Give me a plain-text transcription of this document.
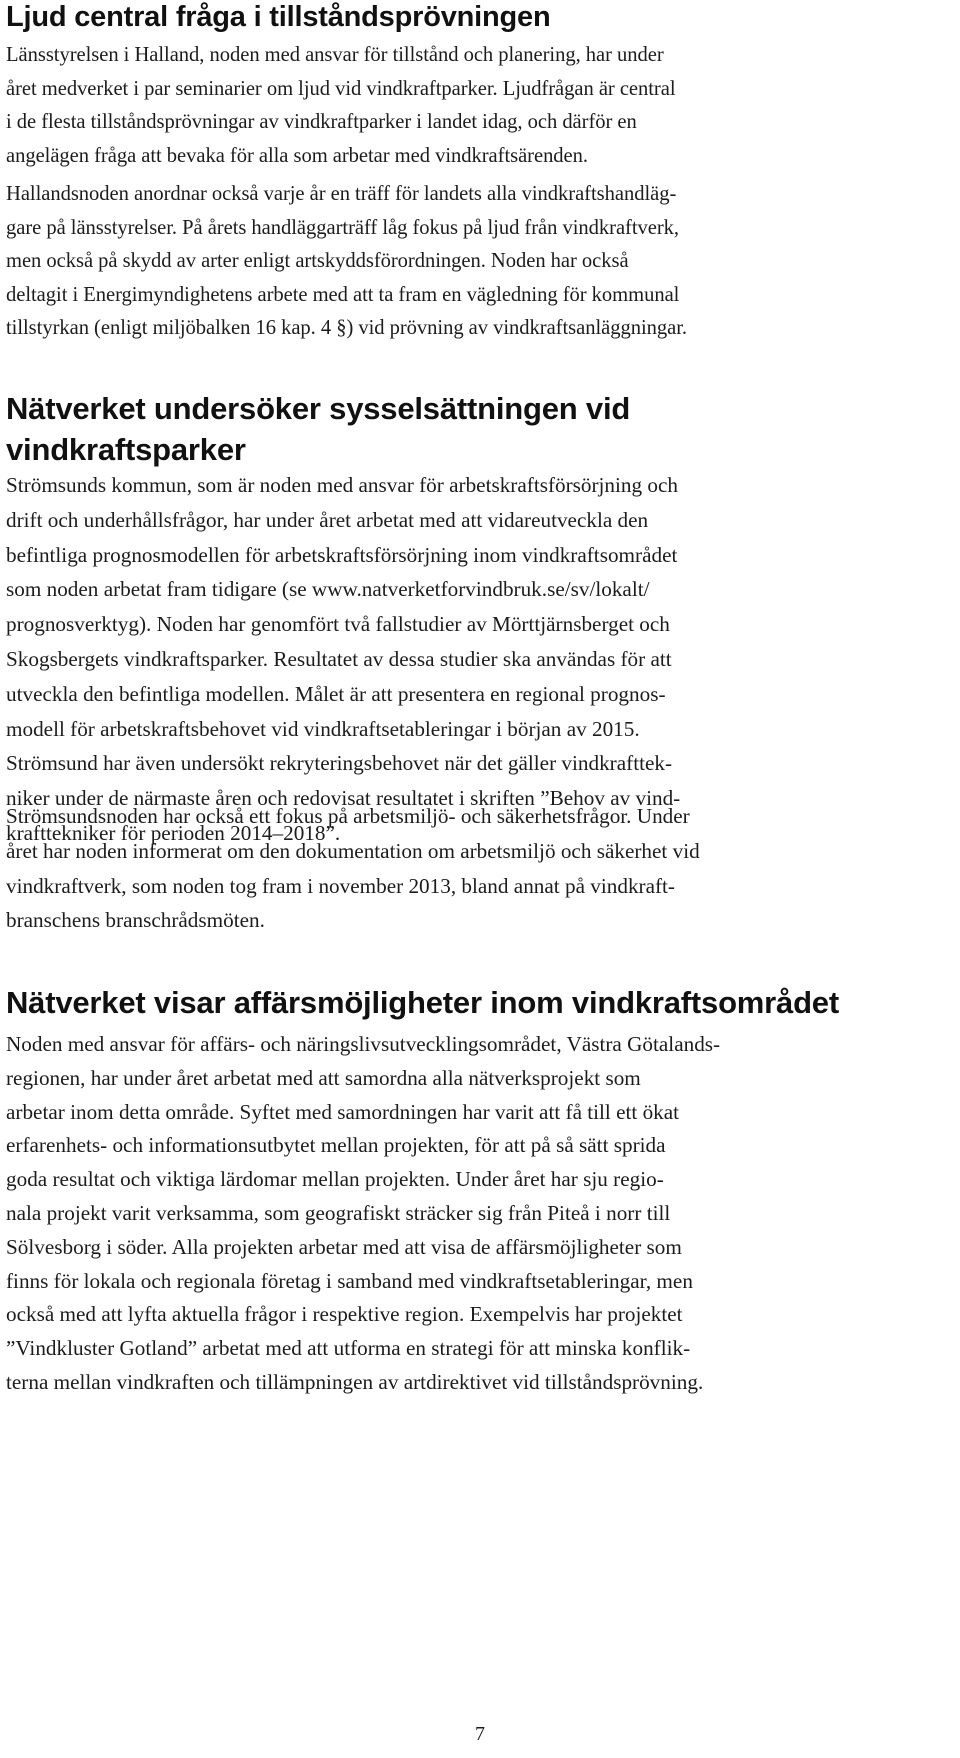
Ljud central fråga i tillståndsprövningen

Länsstyrelsen i Halland, noden med ansvar för tillstånd och planering, har under
året medverket i par seminarier om ljud vid vindkraftparker. Ljudfrågan är central
i de flesta tillståndsprövningar av vindkraftparker i landet idag, och därför en
angelägen fråga att bevaka för alla som arbetar med vindkraftsärenden.

Hallandsnoden anordnar också varje år en träff för landets alla vindkraftshandläg-
gare på länsstyrelser. På årets handläggarträff låg fokus på ljud från vindkraftverk,
men också på skydd av arter enligt artskyddsförordningen. Noden har också
deltagit i Energimyndighetens arbete med att ta fram en vägledning för kommunal
tillstyrkan (enligt miljöbalken 16 kap. 4 §) vid prövning av vindkraftsanläggningar.

Nätverket undersöker sysselsättningen vid
vindkraftsparker

Strömsunds kommun, som är noden med ansvar för arbetskraftsförsörjning och
drift och underhållsfrågor, har under året arbetat med att vidareutveckla den
befintliga prognosmodellen för arbetskraftsförsörjning inom vindkraftsområdet
som noden arbetat fram tidigare (se www.natverketforvindbruk.se/sv/lokalt/
prognosverktyg). Noden har genomfört två fallstudier av Mörttjärnsberget och
Skogsbergets vindkraftsparker. Resultatet av dessa studier ska användas för att
utveckla den befintliga modellen. Målet är att presentera en regional prognos-
modell för arbetskraftsbehovet vid vindkraftsetableringar i början av 2015.
Strömsund har även undersökt rekryteringsbehovet när det gäller vindkrafttek-
niker under de närmaste åren och redovisat resultatet i skriften ”Behov av vind-
krafttekniker för perioden 2014–2018”.

Strömsundsnoden har också ett fokus på arbetsmiljö- och säkerhetsfrågor. Under
året har noden informerat om den dokumentation om arbetsmiljö och säkerhet vid
vindkraftverk, som noden tog fram i november 2013, bland annat på vindkraft-
branschens branschrådsmöten.

Nätverket visar affärsmöjligheter inom vindkraftsområdet

Noden med ansvar för affärs- och näringslivsutvecklingsområdet, Västra Götalands-
regionen, har under året arbetat med att samordna alla nätverksprojekt som
arbetar inom detta område. Syftet med samordningen har varit att få till ett ökat
erfarenhets- och informationsutbytet mellan projekten, för att på så sätt sprida
goda resultat och viktiga lärdomar mellan projekten. Under året har sju regio-
nala projekt varit verksamma, som geografiskt sträcker sig från Piteå i norr till
Sölvesborg i söder. Alla projekten arbetar med att visa de affärsmöjligheter som
finns för lokala och regionala företag i samband med vindkraftsetableringar, men
också med att lyfta aktuella frågor i respektive region. Exempelvis har projektet
”Vindkluster Gotland” arbetat med att utforma en strategi för att minska konflik-
terna mellan vindkraften och tillämpningen av artdirektivet vid tillståndsprövning.

7
